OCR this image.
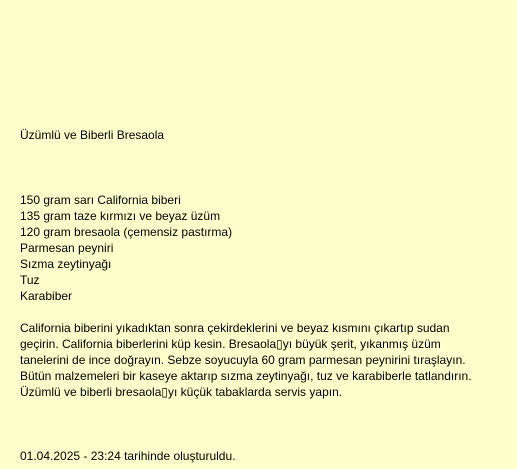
Üzümlü ve Biberli Bresaola
150 gram sarı California biberi
135 gram taze kırmızı ve beyaz üzüm
120 gram bresaola (çemensiz pastırma)
Parmesan peyniri
Sızma zeytinyağı
Tuz
Karabiber

California biberini yıkadıktan sonra çekirdeklerini ve beyaz kısmını çıkartıp sudan geçirin. California biberlerini küp kesin. Bresaola▯yı büyük şerit, yıkanmış üzüm tanelerini de ince doğrayın. Sebze soyucuyla 60 gram parmesan peynirini tıraşlayın. Bütün malzemeleri bir kaseye aktarıp sızma zeytinyağı, tuz ve karabiberle tatlandırın. Üzümlü ve biberli bresaola▯yı küçük tabaklarda servis yapın.

01.04.2025 - 23:24 tarihinde oluşturuldu.
